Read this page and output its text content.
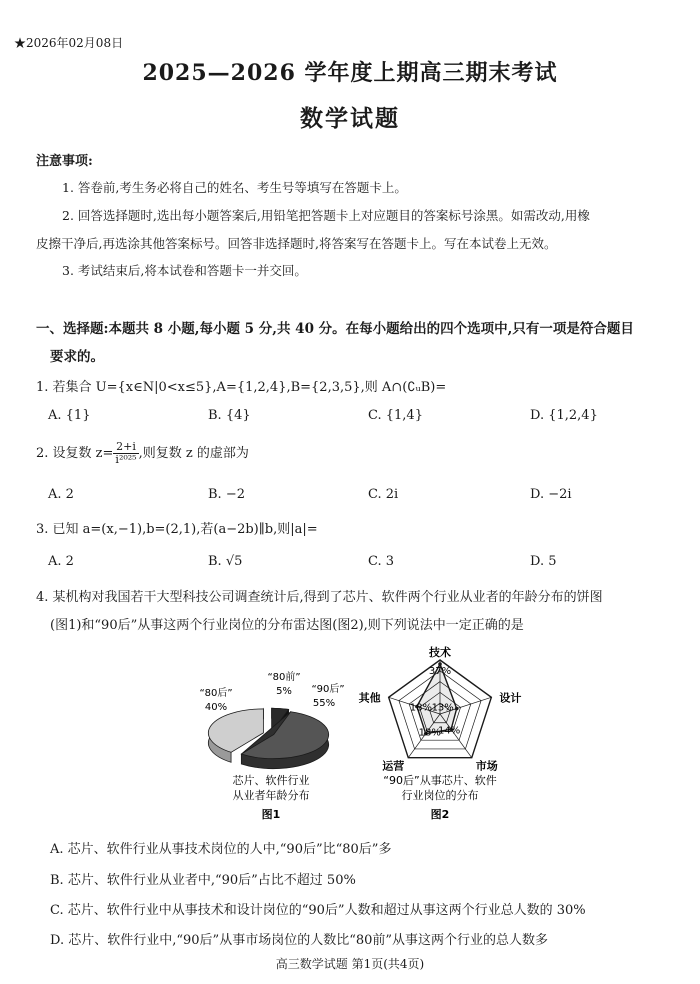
★2026年02月08日
2025—2026 学年度上期高三期末考试
数学试题
注意事项:
1. 答卷前,考生务必将自己的姓名、考生号等填写在答题卡上。
2. 回答选择题时,选出每小题答案后,用铅笔把答题卡上对应题目的答案标号涂黑。如需改动,用橡
皮擦干净后,再选涂其他答案标号。回答非选择题时,将答案写在答题卡上。写在本试卷上无效。
3. 考试结束后,将本试卷和答题卡一并交回。
一、选择题:本题共 8 小题,每小题 5 分,共 40 分。在每小题给出的四个选项中,只有一项是符合题目
要求的。
1. 若集合 U={x∈N|0<x≤5},A={1,2,4},B={2,3,5},则 A∩(∁ᵤB)=
A. {1}	B. {4}	C. {1,4}	D. {1,2,4}
2. 设复数 $z= \frac{2+i}{\text{i²⁰²⁵}}$ ,则复数 z 的虚部为
A. 2	B. −2	C. 2i	D. −2i
3. 已知 a=(x,−1),b=(2,1),若(a−2b)∥b,则|a|=
A. 2	B. √5	C. 3	D. 5
4. 某机构对我国若干大型科技公司调查统计后,得到了芯片、软件两个行业从业者的年龄分布的饼图
(图1)和“90后”从事这两个行业岗位的分布雷达图(图2),则下列说法中一定正确的是
“80后”
40%
“80前”
5% “90后”
55%
芯片、软件行业
从业者年龄分布
图1
技术
设计
市场
运营
其他
37%
13%
14%
18%
18%
“90后”从事芯片、软件
行业岗位的分布
图2
A. 芯片、软件行业从事技术岗位的人中,“90后”比“80后”多
B. 芯片、软件行业从业者中,“90后”占比不超过 50%
C. 芯片、软件行业中从事技术和设计岗位的“90后”人数和超过从事这两个行业总人数的 30%
D. 芯片、软件行业中,“90后”从事市场岗位的人数比“80前”从事这两个行业的总人数多
高三数学试题 第1页(共4页)
